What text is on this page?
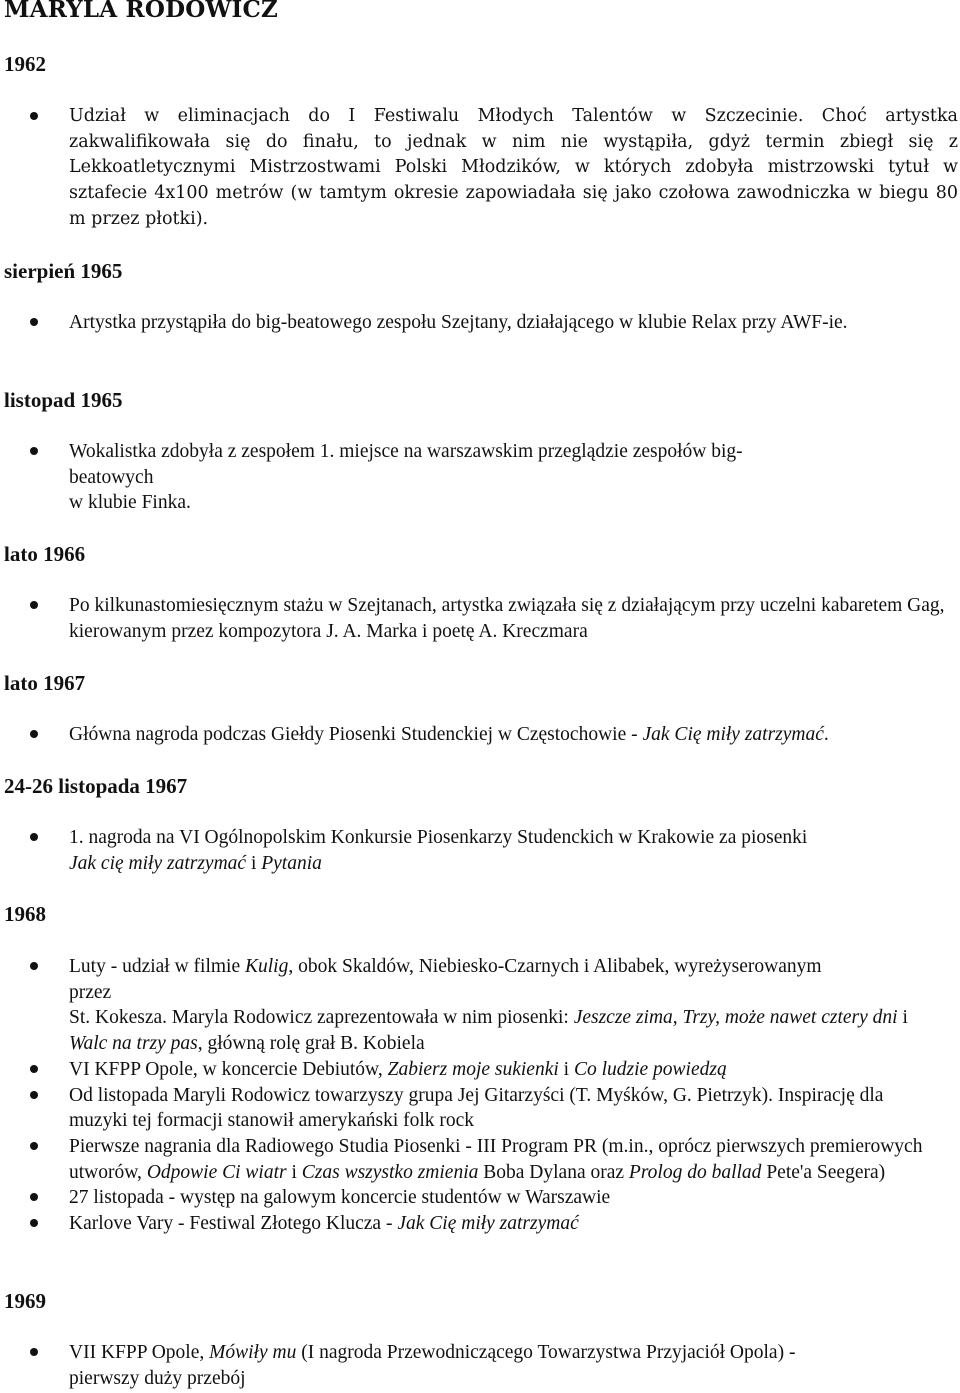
MARYLA RODOWICZ
1962
Udział w eliminacjach do I Festiwalu Młodych Talentów w Szczecinie. Choć artystka zakwalifikowała się do finału, to jednak w nim nie wystąpiła, gdyż termin zbiegł się z Lekkoatletycznymi Mistrzostwami Polski Młodzików, w których zdobyła mistrzowski tytuł w sztafecie 4x100 metrów (w tamtym okresie zapowiadała się jako czołowa zawodniczka w biegu 80 m przez płotki).
sierpień 1965
Artystka przystąpiła do big-beatowego zespołu Szejtany, działającego w klubie Relax przy AWF-ie.
listopad 1965
Wokalistka zdobyła z zespołem 1. miejsce na warszawskim przeglądzie zespołów big-
beatowych
w klubie Finka.
lato 1966
Po kilkunastomiesięcznym stażu w Szejtanach, artystka związała się z działającym przy uczelni kabaretem Gag, kierowanym przez kompozytora J. A. Marka i poetę A. Kreczmara
lato 1967
Główna nagroda podczas Giełdy Piosenki Studenckiej w Częstochowie - Jak Cię miły zatrzymać.
24-26 listopada 1967
1. nagroda na VI Ogólnopolskim Konkursie Piosenkarzy Studenckich w Krakowie za piosenki
Jak cię miły zatrzymać i Pytania
1968
Luty - udział w filmie Kulig, obok Skaldów, Niebiesko-Czarnych i Alibabek, wyreżyserowanym
przez
St. Kokesza. Maryla Rodowicz zaprezentowała w nim piosenki: Jeszcze zima, Trzy, może nawet cztery dni i Walc na trzy pas, główną rolę grał B. Kobiela
VI KFPP Opole, w koncercie Debiutów, Zabierz moje sukienki i Co ludzie powiedzą
Od listopada Maryli Rodowicz towarzyszy grupa Jej Gitarzyści (T. Myśków, G. Pietrzyk). Inspirację dla muzyki tej formacji stanowił amerykański folk rock
Pierwsze nagrania dla Radiowego Studia Piosenki - III Program PR (m.in., oprócz pierwszych premierowych utworów, Odpowie Ci wiatr i Czas wszystko zmienia Boba Dylana oraz Prolog do ballad Pete'a Seegera)
27 listopada - występ na galowym koncercie studentów w Warszawie
Karlove Vary - Festiwal Złotego Klucza - Jak Cię miły zatrzymać
1969
VII KFPP Opole, Mówiły mu (I nagroda Przewodniczącego Towarzystwa Przyjaciół Opola) -
pierwszy duży przebój
